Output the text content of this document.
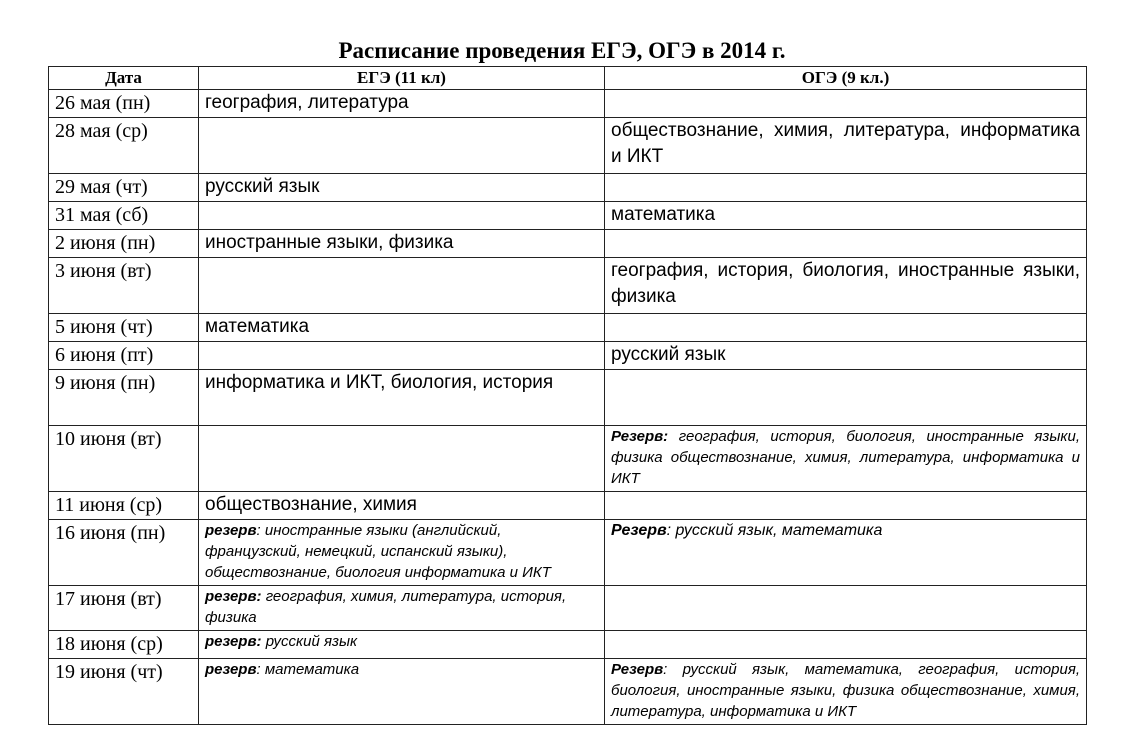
Расписание проведения ЕГЭ, ОГЭ в 2014 г.
Дата	ЕГЭ (11 кл)	ОГЭ (9 кл.)
26 мая (пн)	география, литература	
28 мая (ср)		обществознание, химия, литература, информатика и ИКТ
29 мая (чт)	русский язык	
31 мая (сб)		математика
2 июня (пн)	иностранные языки, физика	
3 июня (вт)		география, история, биология, иностранные языки, физика
5 июня (чт)	математика	
6 июня (пт)		русский язык
9 июня (пн)	информатика и ИКТ, биология, история	
10 июня (вт)		Резерв: география, история, биология, иностранные языки, физика обществознание, химия, литература, информатика и ИКТ
11 июня (ср)	обществознание, химия	
16 июня (пн)	резерв: иностранные языки (английский, французский, немецкий, испанский языки), обществознание, биология информатика и ИКТ	Резерв: русский язык, математика
17 июня (вт)	резерв: география, химия, литература, история, физика	
18 июня (ср)	резерв: русский язык	
19 июня (чт)	резерв: математика	Резерв: русский язык, математика, география, история, биология, иностранные языки, физика обществознание, химия, литература, информатика и ИКТ
